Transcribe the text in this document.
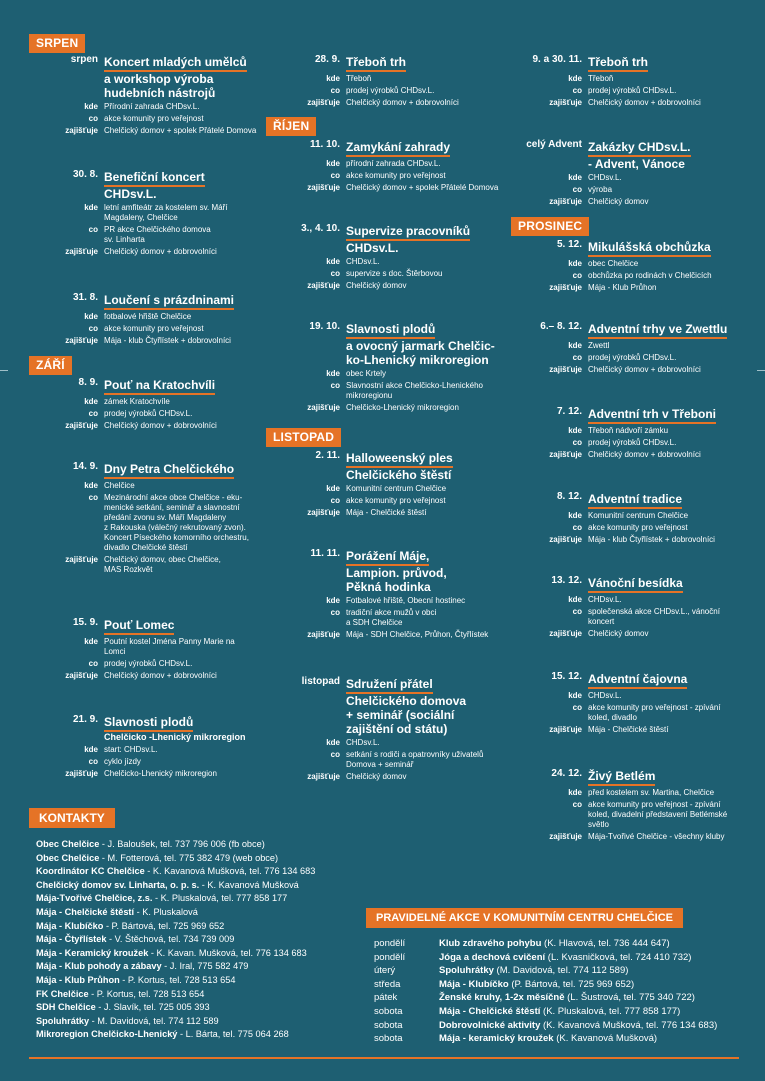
SRPEN
ZÁŘÍ
ŘÍJEN
LISTOPAD
PROSINEC
srpen Koncert mladých umělců
a workshop výroba
hudebních nástrojů
kde Přírodní zahrada CHDsv.L.
co akce komunity pro veřejnost
zajišťuje Chelčický domov + spolek Přátelé Domova
30. 8. Benefiční koncert
CHDsv.L.
kde letní amfiteátr za kostelem sv. Máří
Magdaleny, Chelčice
co PR akce Chelčického domova
sv. Linharta
zajišťuje Chelčický domov + dobrovolníci
31. 8. Loučení s prázdninami
kde fotbalové hřiště Chelčice
co akce komunity pro veřejnost
zajišťuje Mája - klub Čtyřlístek + dobrovolníci
8. 9. Pouť na Kratochvíli
kde zámek Kratochvíle
co prodej výrobků CHDsv.L.
zajišťuje Chelčický domov + dobrovolníci
14. 9. Dny Petra Chelčického
kde Chelčice
co Mezinárodní akce obce Chelčice - eku-
menické setkání, seminář a slavnostní
předání zvonu sv. Máří Magdaleny
z Rakouska (válečný rekrutovaný zvon).
Koncert Píseckého komorního orchestru,
divadlo Chelčické štěstí
zajišťuje Chelčický domov, obec Chelčice,
MAS Rozkvět
15. 9. Pouť Lomec
kde Poutní kostel Jména Panny Marie na
Lomci
co prodej výrobků CHDsv.L.
zajišťuje Chelčický domov + dobrovolníci
21. 9. Slavnosti plodů
Chelčicko -Lhenický mikroregion
kde start: CHDsv.L.
co cyklo jízdy
zajišťuje Chelčicko-Lhenický mikroregion
28. 9. Třeboň trh
kde Třeboň
co prodej výrobků CHDsv.L.
zajišťuje Chelčický domov + dobrovolníci
11. 10. Zamykání zahrady
kde přírodní zahrada CHDsv.L.
co akce komunity pro veřejnost
zajišťuje Chelčický domov + spolek Přátelé Domova
3., 4. 10. Supervize pracovníků
CHDsv.L.
kde CHDsv.L.
co supervize s doc. Štěrbovou
zajišťuje Chelčický domov
19. 10. Slavnosti plodů
a ovocný jarmark Chelčic-
ko-Lhenický mikroregion
kde obec Krtely
co Slavnostní akce Chelčicko-Lhenického
mikroregionu
zajišťuje Chelčicko-Lhenický mikroregion
2. 11. Halloweenský ples
Chelčického štěstí
kde Komunitní centrum Chelčice
co akce komunity pro veřejnost
zajišťuje Mája - Chelčické štěstí
11. 11. Porážení Máje,
Lampion. průvod,
Pěkná hodinka
kde Fotbalové hřiště, Obecní hostinec
co tradiční akce mužů v obci
a SDH Chelčice
zajišťuje Mája - SDH Chelčice, Průhon, Čtyřlístek
listopad Sdružení přátel
Chelčického domova
+ seminář (sociální
zajištění od státu)
kde CHDsv.L.
co setkání s rodiči a opatrovníky uživatelů
Domova + seminář
zajišťuje Chelčický domov
9. a 30. 11. Třeboň trh
kde Třeboň
co prodej výrobků CHDsv.L.
zajišťuje Chelčický domov + dobrovolníci
celý Advent Zakázky CHDsv.L.
- Advent, Vánoce
kde CHDsv.L.
co výroba
zajišťuje Chelčický domov
5. 12. Mikulášská obchůzka
kde obec Chelčice
co obchůzka po rodinách v Chelčicích
zajišťuje Mája - Klub Průhon
6.– 8. 12. Adventní trhy ve Zwettlu
kde Zwettl
co prodej výrobků CHDsv.L.
zajišťuje Chelčický domov + dobrovolníci
7. 12. Adventní trh v Třeboni
kde Třeboň nádvoří zámku
co prodej výrobků CHDsv.L.
zajišťuje Chelčický domov + dobrovolníci
8. 12. Adventní tradice
kde Komunitní centrum Chelčice
co akce komunity pro veřejnost
zajišťuje Mája - klub Čtyřlístek + dobrovolníci
13. 12. Vánoční besídka
kde CHDsv.L.
co společenská akce CHDsv.L., vánoční
koncert
zajišťuje Chelčický domov
15. 12. Adventní čajovna
kde CHDsv.L.
co akce komunity pro veřejnost - zpívání
koled, divadlo
zajišťuje Mája - Chelčické štěstí
24. 12. Živý Betlém
kde před kostelem sv. Martina, Chelčice
co akce komunity pro veřejnost - zpívání
koled, divadelní představení Betlémské
světlo
zajišťuje Mája-Tvořivé Chelčice - všechny kluby
KONTAKTY
Obec Chelčice - J. Baloušek, tel. 737 796 006 (fb obce)
Obec Chelčice - M. Fotterová, tel. 775 382 479 (web obce)
Koordinátor KC Chelčice - K. Kavanová Mušková, tel. 776 134 683
Chelčický domov sv. Linharta, o. p. s. - K. Kavanová Mušková
Mája-Tvořivé Chelčice, z.s. - K. Pluskalová, tel. 777 858 177
Mája - Chelčické štěstí - K. Pluskalová
Mája - Klubíčko - P. Bártová, tel. 725 969 652
Mája - Čtyřlístek - V. Štěchová, tel. 734 739 009
Mája - Keramický kroužek - K. Kavan. Mušková, tel. 776 134 683
Mája - Klub pohody a zábavy - J. Iral, 775 582 479
Mája - Klub Průhon - P. Kortus, tel. 728 513 654
FK Chelčice - P. Kortus, tel. 728 513 654
SDH Chelčice - J. Slavík, tel. 725 005 393
Spoluhrátky - M. Davidová, tel. 774 112 589
Mikroregion Chelčicko-Lhenický - L. Bárta, tel. 775 064 268
PRAVIDELNÉ AKCE V KOMUNITNÍM CENTRU CHELČICE
pondělí	Klub zdravého pohybu (K. Hlavová, tel. 736 444 647)
pondělí	Jóga a dechová cvičení (L. Kvasničková, tel. 724 410 732)
úterý	Spoluhrátky (M. Davidová, tel. 774 112 589)
středa	Mája - Klubíčko (P. Bártová, tel. 725 969 652)
pátek	Ženské kruhy, 1-2x měsíčně (L. Šustrová, tel. 775 340 722)
sobota	Mája - Chelčické štěstí (K. Pluskalová, tel. 777 858 177)
sobota	Dobrovolnické aktivity (K. Kavanová Mušková, tel. 776 134 683)
sobota	Mája - keramický kroužek (K. Kavanová Mušková)
